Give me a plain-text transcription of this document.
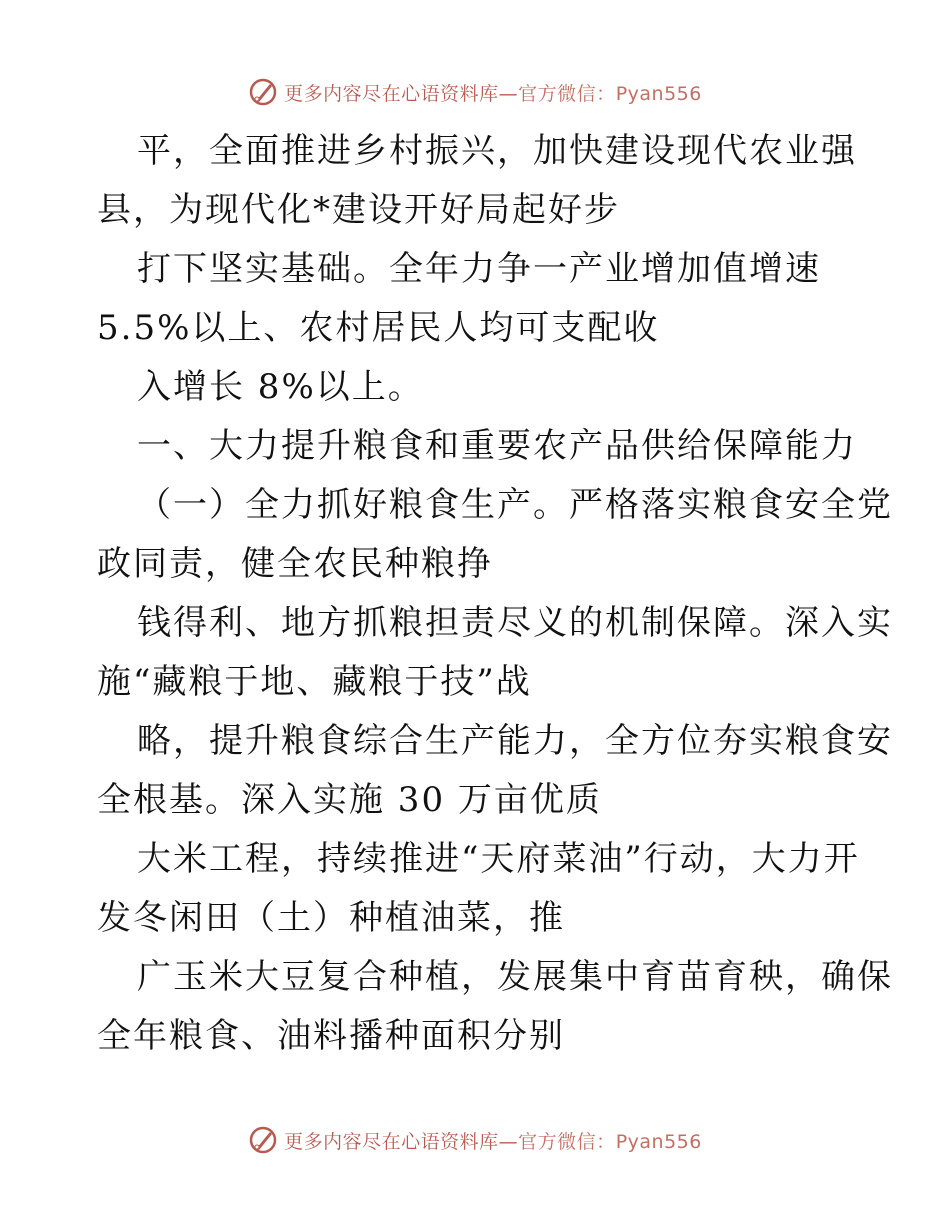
更多内容尽在心语资料库—官方微信：Pyan556
平，全面推进乡村振兴，加快建设现代农业强
县，为现代化*建设开好局起好步
打下坚实基础。全年力争一产业增加值增速
5.5%以上、农村居民人均可支配收
入增长 8%以上。
一、大力提升粮食和重要农产品供给保障能力
（一）全力抓好粮食生产。严格落实粮食安全党
政同责，健全农民种粮挣
钱得利、地方抓粮担责尽义的机制保障。深入实
施“藏粮于地、藏粮于技”战
略，提升粮食综合生产能力，全方位夯实粮食安
全根基。深入实施 30 万亩优质
大米工程，持续推进“天府菜油”行动，大力开
发冬闲田（土）种植油菜，推
广玉米大豆复合种植，发展集中育苗育秧，确保
全年粮食、油料播种面积分别
更多内容尽在心语资料库—官方微信：Pyan556
